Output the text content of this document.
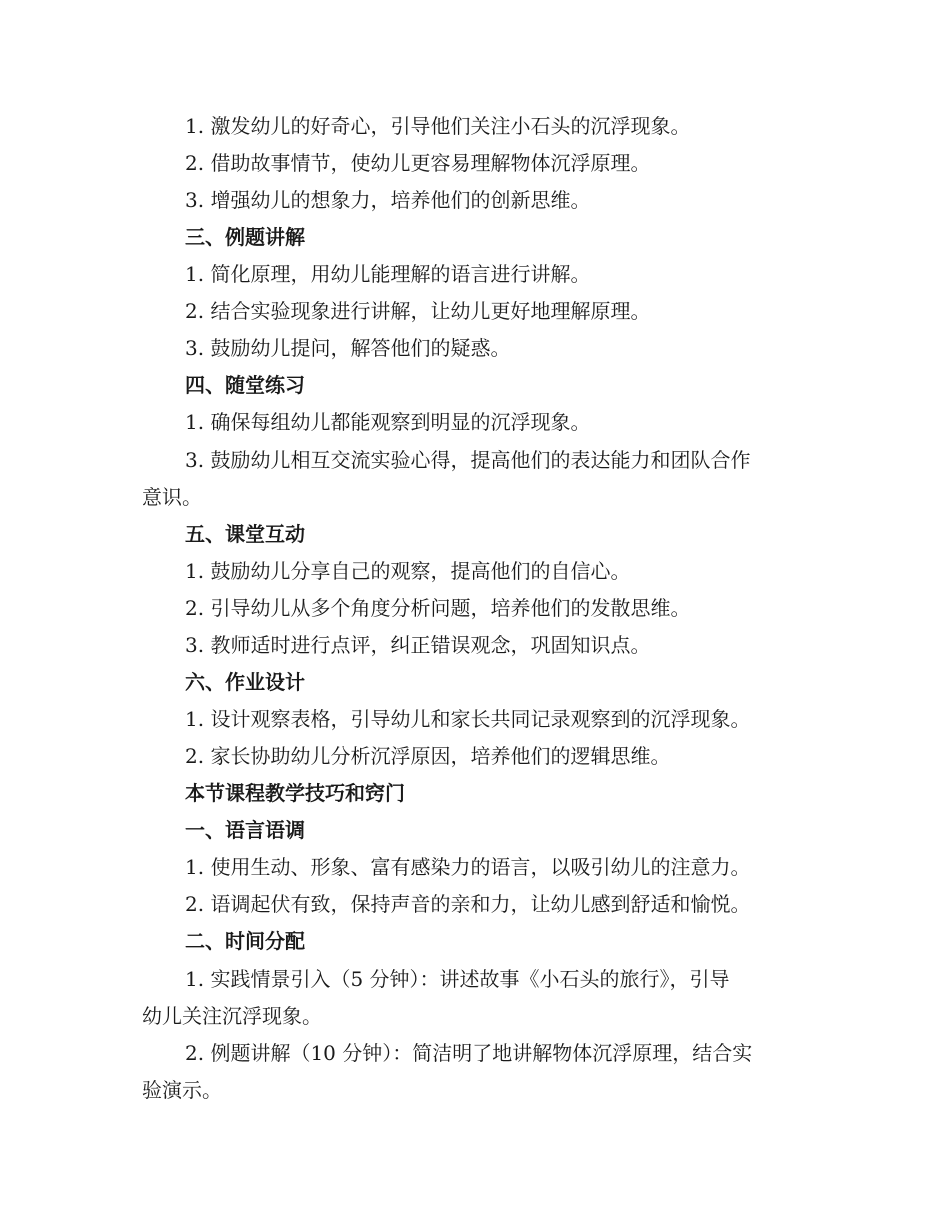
1. 激发幼儿的好奇心，引导他们关注小石头的沉浮现象。
2. 借助故事情节，使幼儿更容易理解物体沉浮原理。
3. 增强幼儿的想象力，培养他们的创新思维。
三、例题讲解
1. 简化原理，用幼儿能理解的语言进行讲解。
2. 结合实验现象进行讲解，让幼儿更好地理解原理。
3. 鼓励幼儿提问，解答他们的疑惑。
四、随堂练习
1. 确保每组幼儿都能观察到明显的沉浮现象。
3. 鼓励幼儿相互交流实验心得，提高他们的表达能力和团队合作
意识。
五、课堂互动
1. 鼓励幼儿分享自己的观察，提高他们的自信心。
2. 引导幼儿从多个角度分析问题，培养他们的发散思维。
3. 教师适时进行点评，纠正错误观念，巩固知识点。
六、作业设计
1. 设计观察表格，引导幼儿和家长共同记录观察到的沉浮现象。
2. 家长协助幼儿分析沉浮原因，培养他们的逻辑思维。
本节课程教学技巧和窍门
一、语言语调
1. 使用生动、形象、富有感染力的语言，以吸引幼儿的注意力。
2. 语调起伏有致，保持声音的亲和力，让幼儿感到舒适和愉悦。
二、时间分配
1. 实践情景引入（5 分钟）：讲述故事《小石头的旅行》，引导
幼儿关注沉浮现象。
2. 例题讲解（10 分钟）：简洁明了地讲解物体沉浮原理，结合实
验演示。
